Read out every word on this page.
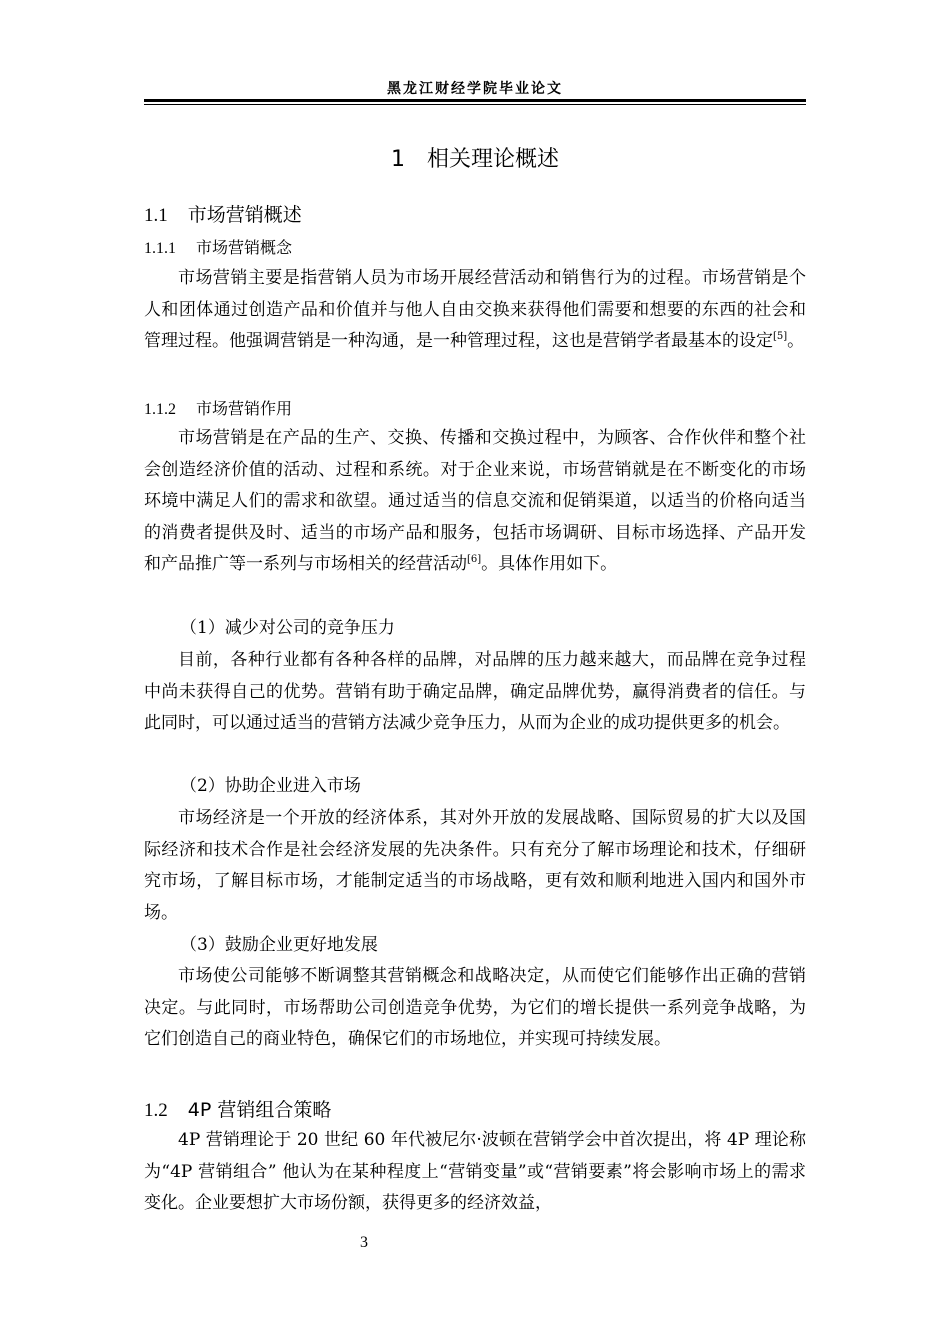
黑龙江财经学院毕业论文
1 相关理论概述
1.1 市场营销概述
1.1.1 市场营销概念

市场营销主要是指营销人员为市场开展经营活动和销售行为的过程。市场营销是个人和团体通过创造产品和价值并与他人自由交换来获得他们需要和想要的东西的社会和管理过程。他强调营销是一种沟通，是一种管理过程，这也是营销学者最基本的设定[5]。

1.1.2 市场营销作用

市场营销是在产品的生产、交换、传播和交换过程中，为顾客、合作伙伴和整个社会创造经济价值的活动、过程和系统。对于企业来说，市场营销就是在不断变化的市场环境中满足人们的需求和欲望。通过适当的信息交流和促销渠道，以适当的价格向适当的消费者提供及时、适当的市场产品和服务，包括市场调研、目标市场选择、产品开发和产品推广等一系列与市场相关的经营活动[6]。具体作用如下。

（1）减少对公司的竞争压力

目前，各种行业都有各种各样的品牌，对品牌的压力越来越大，而品牌在竞争过程中尚未获得自己的优势。营销有助于确定品牌，确定品牌优势，赢得消费者的信任。与此同时，可以通过适当的营销方法减少竞争压力，从而为企业的成功提供更多的机会。

（2）协助企业进入市场

市场经济是一个开放的经济体系，其对外开放的发展战略、国际贸易的扩大以及国际经济和技术合作是社会经济发展的先决条件。只有充分了解市场理论和技术，仔细研究市场，了解目标市场，才能制定适当的市场战略，更有效和顺利地进入国内和国外市场。

（3）鼓励企业更好地发展

市场使公司能够不断调整其营销概念和战略决定，从而使它们能够作出正确的营销决定。与此同时，市场帮助公司创造竞争优势，为它们的增长提供一系列竞争战略，为它们创造自己的商业特色，确保它们的市场地位，并实现可持续发展。

1.2 4P 营销组合策略

4P 营销理论于 20 世纪 60 年代被尼尔·波顿在营销学会中首次提出，将 4P 理论称为“4P 营销组合” 他认为在某种程度上“营销变量”或“营销要素”将会影响市场上的需求变化。企业要想扩大市场份额，获得更多的经济效益，

3
